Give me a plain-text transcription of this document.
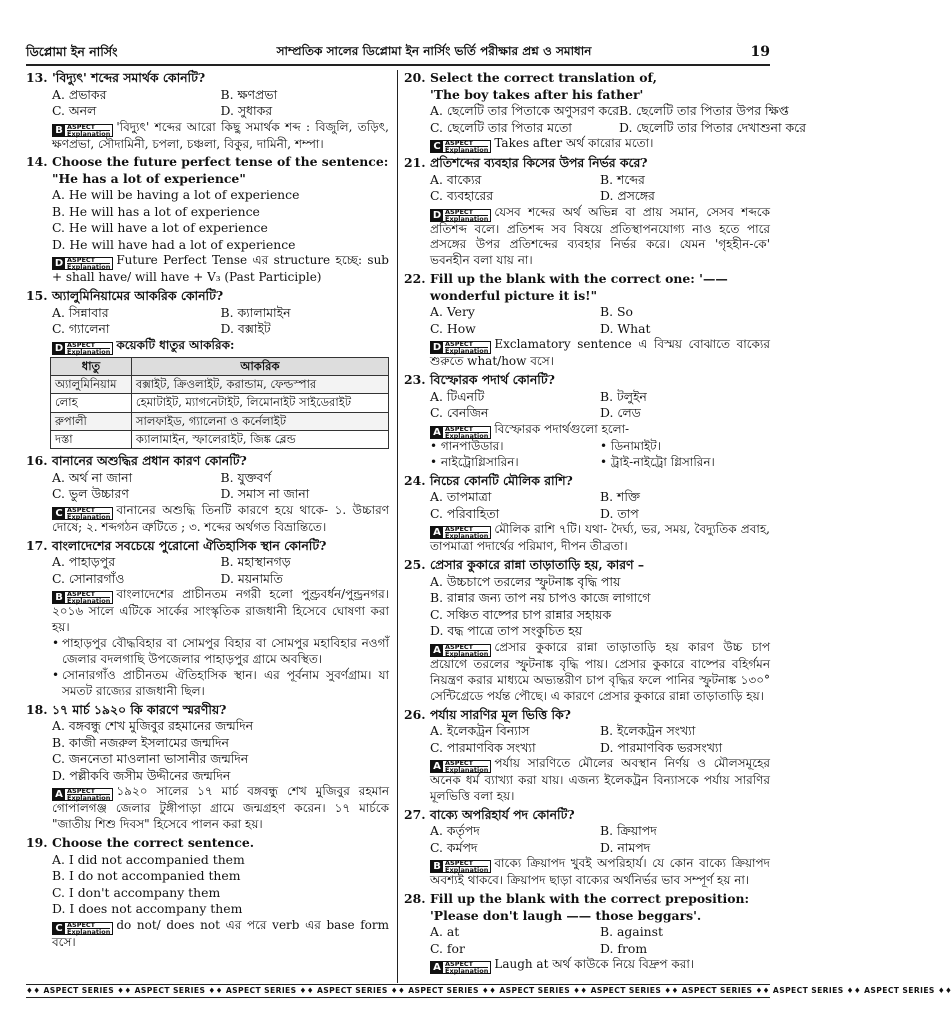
ডিপ্লোমা ইন নার্সিং	সাম্প্রতিক সালের ডিপ্লোমা ইন নার্সিং ভর্তি পরীক্ষার প্রশ্ন ও সমাধান	19
13. 'বিদ্যুৎ' শব্দের সমার্থক কোনটি?
A. প্রভাকর	B. ক্ষণপ্রভা
C. অনল	D. সুধাকর
B ASPECT
Explanation 'বিদ্যুৎ' শব্দের আরো কিছু সমার্থক শব্দ : বিজুলি, তড়িৎ, ক্ষণপ্রভা, সৌদামিনী, চপলা, চঞ্চলা, বিকুর, দামিনী, শম্পা।
14. Choose the future perfect tense of the sentence:
"He has a lot of experience"
A. He will be having a lot of experience
B. He will has a lot of experience
C. He will have a lot of experience
D. He will have had a lot of experience
D ASPECT
Explanation Future Perfect Tense এর structure হচ্ছে: sub + shall have/ will have + V₃ (Past Participle)
15. অ্যালুমিনিয়ামের আকরিক কোনটি?
A. সিন্নাবার	B. ক্যালামাইন
C. গ্যালেনা	D. বক্সাইট
D ASPECT
Explanation কয়েকটি ধাতুর আকরিক:
ধাতু	আকরিক
অ্যালুমিনিয়াম	বক্সাইট, ক্রিওলাইট, করান্ডাম, ফেল্ডস্পার
লোহ	হেমাটাইট, ম্যাগনেটাইট, লিমোনাইট সাইডেরাইট
রুপালী	সালফাইড, গ্যালেনা ও কর্নেলাইট
দস্তা	ক্যালামাইন, স্ফালেরাইট, জিঙ্ক ব্লেন্ড
16. বানানের অশুদ্ধির প্রধান কারণ কোনটি?
A. অর্থ না জানা	B. যুক্তবর্ণ
C. ভুল উচ্চারণ	D. সমাস না জানা
C ASPECT
Explanation বানানের অশুদ্ধি তিনটি কারণে হয়ে থাকে- ১. উচ্চারণ দোষে; ২. শব্দগঠন ত্রুটিতে ; ৩. শব্দের অর্থগত বিভ্রান্তিতে।
17. বাংলাদেশের সবচেয়ে পুরোনো ঐতিহাসিক স্থান কোনটি?
A. পাহাড়পুর	B. মহাস্থানগড়
C. সোনারগাঁও	D. ময়নামতি
B ASPECT
Explanation বাংলাদেশের প্রাচীনতম নগরী হলো পুণ্ড্রবর্ধন/পুন্ড্রনগর। ২০১৬ সালে এটিকে সার্কের সাংস্কৃতিক রাজধানী হিসেবে ঘোষণা করা হয়।
• পাহাড়পুর বৌদ্ধবিহার বা সোমপুর বিহার বা সোমপুর মহাবিহার নওগাঁ জেলার বদলগাছি উপজেলার পাহাড়পুর গ্রামে অবস্থিত।
• সোনারগাঁও প্রাচীনতম ঐতিহাসিক স্থান। এর পূর্বনাম সুবর্ণগ্রাম। যা সমতট রাজ্যের রাজধানী ছিল।
18. ১৭ মার্চ ১৯২০ কি কারণে স্মরণীয়?
A. বঙ্গবন্ধু শেখ মুজিবুর রহমানের জন্মদিন
B. কাজী নজরুল ইসলামের জন্মদিন
C. জননেতা মাওলানা ভাসানীর জন্মদিন
D. পল্লীকবি জসীম উদ্দীনের জন্মদিন
A ASPECT
Explanation ১৯২০ সালের ১৭ মার্চ বঙ্গবন্ধু শেখ মুজিবুর রহমান গোপালগঞ্জ জেলার টুঙ্গীপাড়া গ্রামে জন্মগ্রহণ করেন। ১৭ মার্চকে "জাতীয় শিশু দিবস" হিসেবে পালন করা হয়।
19. Choose the correct sentence.
A. I did not accompanied them
B. I do not accompanied them
C. I don't accompany them
D. I does not accompany them
C ASPECT
Explanation do not/ does not এর পরে verb এর base form বসে।
20. Select the correct translation of,
'The boy takes after his father'
A. ছেলেটি তার পিতাকে অণুসরণ করে B. ছেলেটি তার পিতার উপর ক্ষিপ্ত
C. ছেলেটি তার পিতার মতো	D. ছেলেটি তার পিতার দেখাশুনা করে
C ASPECT
Explanation Takes after অর্থ কারোর মতো।
21. প্রতিশব্দের ব্যবহার কিসের উপর নির্ভর করে?
A. বাক্যের	B. শব্দের
C. ব্যবহারের	D. প্রসঙ্গের
D ASPECT
Explanation যেসব শব্দের অর্থ অভিন্ন বা প্রায় সমান, সেসব শব্দকে প্রতিশব্দ বলে। প্রতিশব্দ সব বিষয়ে প্রতিস্থাপনযোগ্য নাও হতে পারে প্রসঙ্গের উপর প্রতিশব্দের ব্যবহার নির্ভর করে। যেমন 'গৃহহীন-কে' ভবনহীন বলা যায় না।
22. Fill up the blank with the correct one: '—— wonderful picture it is!"
A. Very	B. So
C. How	D. What
D ASPECT
Explanation Exclamatory sentence এ বিস্ময় বোঝাতে বাক্যের শুরুতে what/how বসে।
23. বিস্ফোরক পদার্থ কোনটি?
A. টিএনটি	B. টলুইন
C. বেনজিন	D. লেড
A ASPECT
Explanation বিস্ফোরক পদার্থগুলো হলো-
• গানপাউডার।	• ডিনামাইট।
• নাইট্রোগ্লিসারিন।	• ট্রাই-নাইট্রো গ্লিসারিন।
24. নিচের কোনটি মৌলিক রাশি?
A. তাপমাত্রা	B. শক্তি
C. পরিবাহিতা	D. তাপ
A ASPECT
Explanation মৌলিক রাশি ৭টি। যথা- দৈর্ঘ্য, ভর, সময়, বৈদ্যুতিক প্রবাহ, তাপমাত্রা পদার্থের পরিমাণ, দীপন তীব্রতা।
25. প্রেসার কুকারে রান্না তাড়াতাড়ি হয়, কারণ –
A. উচ্চচাপে তরলের স্ফুটনাঙ্ক বৃদ্ধি পায়
B. রান্নার জন্য তাপ নয় চাপও কাজে লাগাগে
C. সঞ্চিত বাষ্পের চাপ রান্নার সহায়ক
D. বদ্ধ পাত্রে তাপ সংকুচিত হয়
A ASPECT
Explanation প্রেসার কুকারে রান্না তাড়াতাড়ি হয় কারণ উচ্চ চাপ প্রয়োগে তরলের স্ফুটনাঙ্ক বৃদ্ধি পায়। প্রেসার কুকারে বাষ্পের বহির্গমন নিয়ন্ত্রণ করার মাধ্যমে অভ্যন্তরীণ চাপ বৃদ্ধির ফলে পানির স্ফুটনাঙ্ক ১৩০° সেন্টিগ্রেডে পর্যন্ত পৌছে। এ কারণে প্রেসার কুকারে রান্না তাড়াতাড়ি হয়।
26. পর্যায় সারণির মূল ভিত্তি কি?
A. ইলেকট্রন বিন্যাস	B. ইলেকট্রন সংখ্যা
C. পারমাণবিক সংখ্যা	D. পারমাণবিক ভরসংখ্যা
A ASPECT
Explanation পর্যায় সারণিতে মৌলের অবস্থান নির্ণয় ও মৌলসমূহের অনেক ধর্ম ব্যাখ্যা করা যায়। এজন্য ইলেকট্রন বিন্যাসকে পর্যায় সারণির মূলভিত্তি বলা হয়।
27. বাক্যে অপরিহার্য পদ কোনটি?
A. কর্তৃপদ	B. ক্রিয়াপদ
C. কর্মপদ	D. নামপদ
B ASPECT
Explanation বাক্যে ক্রিয়াপদ খুবই অপরিহার্য। যে কোন বাক্যে ক্রিয়াপদ অবশ্যই থাকবে। ক্রিয়াপদ ছাড়া বাক্যের অর্থনির্ভর ভাব সম্পূর্ণ হয় না।
28. Fill up the blank with the correct preposition: 'Please don't laugh —— those beggars'.
A. at	B. against
C. for	D. from
A ASPECT
Explanation Laugh at অর্থ কাউকে নিয়ে বিদ্রুপ করা।
♦♦ ASPECT SERIES ♦♦ ASPECT SERIES ♦♦ ASPECT SERIES ♦♦ ASPECT SERIES ♦♦ ASPECT SERIES ♦♦ ASPECT SERIES ♦♦ ASPECT SERIES ♦♦ ASPECT SERIES ♦♦ ASPECT SERIES ♦♦ ASPECT SERIES ♦♦
